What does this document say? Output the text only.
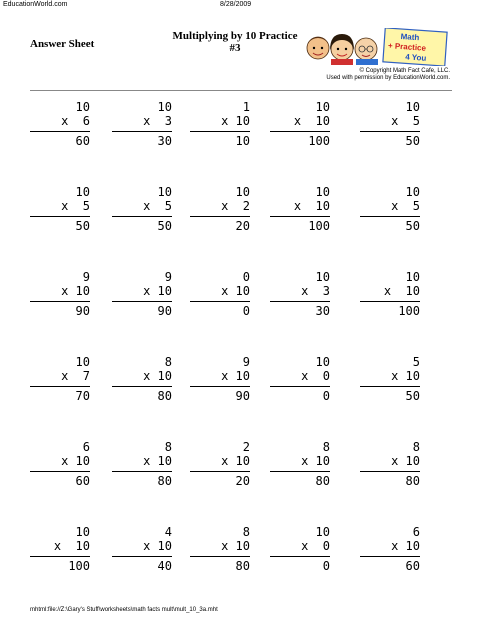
EducationWorld.com	8/28/2009
Answer Sheet
Multiplying by 10 Practice
#3
Math
+ Practice
4 You
© Copyright Math Fact Cafe, LLC.
Used with permission by EducationWorld.com.
10
x  6
60
10
x  3
30
1
x 10
10
10
x  10
100
10
x  5
50
10
x  5
50
10
x  5
50
10
x  2
20
10
x  10
100
10
x  5
50
9
x 10
90
9
x 10
90
0
x 10
0
10
x  3
30
10
x  10
100
10
x  7
70
8
x 10
80
9
x 10
90
10
x  0
0
5
x 10
50
6
x 10
60
8
x 10
80
2
x 10
20
8
x 10
80
8
x 10
80
10
x  10
100
4
x 10
40
8
x 10
80
10
x  0
0
6
x 10
60
mhtml:file://Z:\Gary's Stuff\worksheets\math facts mult\mult_10_3a.mht
